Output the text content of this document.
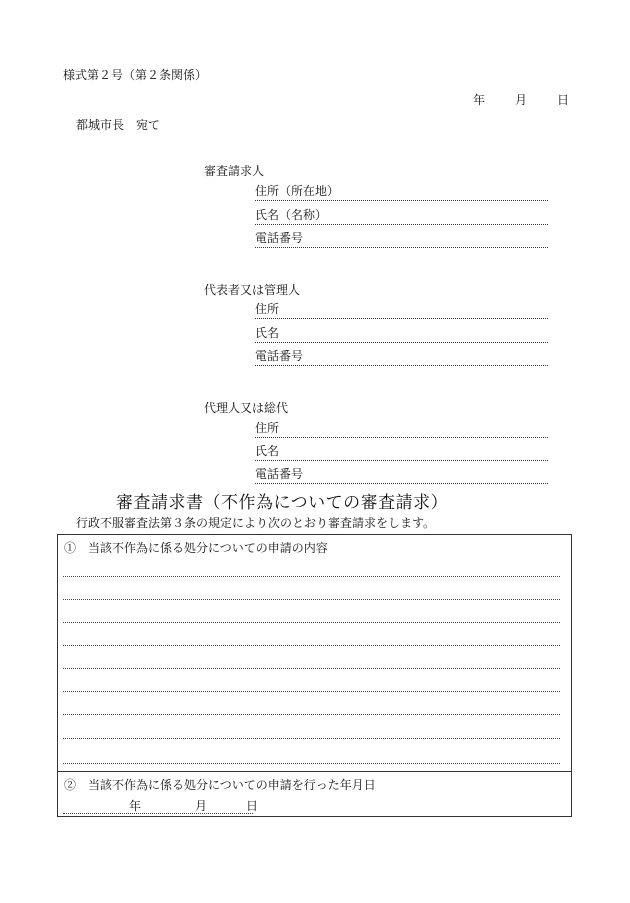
様式第２号（第２条関係）
年	月	日
都城市長　宛て
審査請求人
住所（所在地）
氏名（名称）
電話番号
代表者又は管理人
住所
氏名
電話番号
代理人又は総代
住所
氏名
電話番号
審査請求書（不作為についての審査請求）
行政不服審査法第３条の規定により次のとおり審査請求をします。
①　当該不作為に係る処分についての申請の内容
②　当該不作為に係る処分についての申請を行った年月日
年	月	日
